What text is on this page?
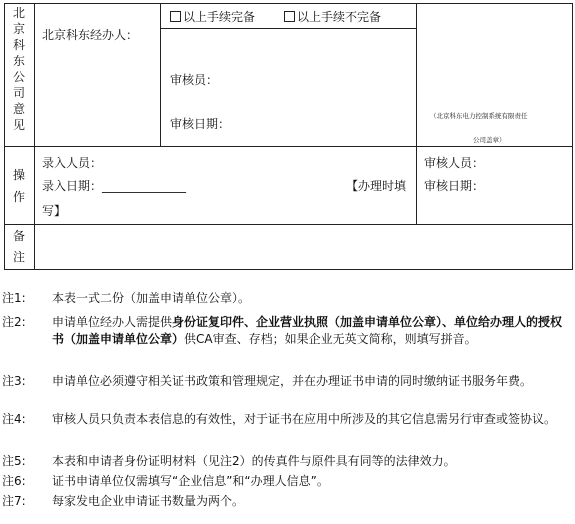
北
京
科
东
公
司
意
见
北京科东经办人：
以上手续完备	以上手续不完备
审核员：
审核日期：
（北京科东电力控制系统有限责任
公司盖章）
操
作
录入人员：
录入日期：______________	【办理时填
写】
审核人员：
审核日期：
备
注
注1: 本表一式二份（加盖申请单位公章）。
注2: 申请单位经办人需提供身份证复印件、企业营业执照（加盖申请单位公章）、单位给办理人的授权书（加盖申请单位公章）供CA审查、存档；如果企业无英文简称，则填写拼音。
注3: 申请单位必须遵守相关证书政策和管理规定，并在办理证书申请的同时缴纳证书服务年费。
注4: 审核人员只负责本表信息的有效性，对于证书在应用中所涉及的其它信息需另行审查或签协议。
注5: 本表和申请者身份证明材料（见注2）的传真件与原件具有同等的法律效力。
注6: 证书申请单位仅需填写“企业信息”和“办理人信息”。
注7: 每家发电企业申请证书数量为两个。
